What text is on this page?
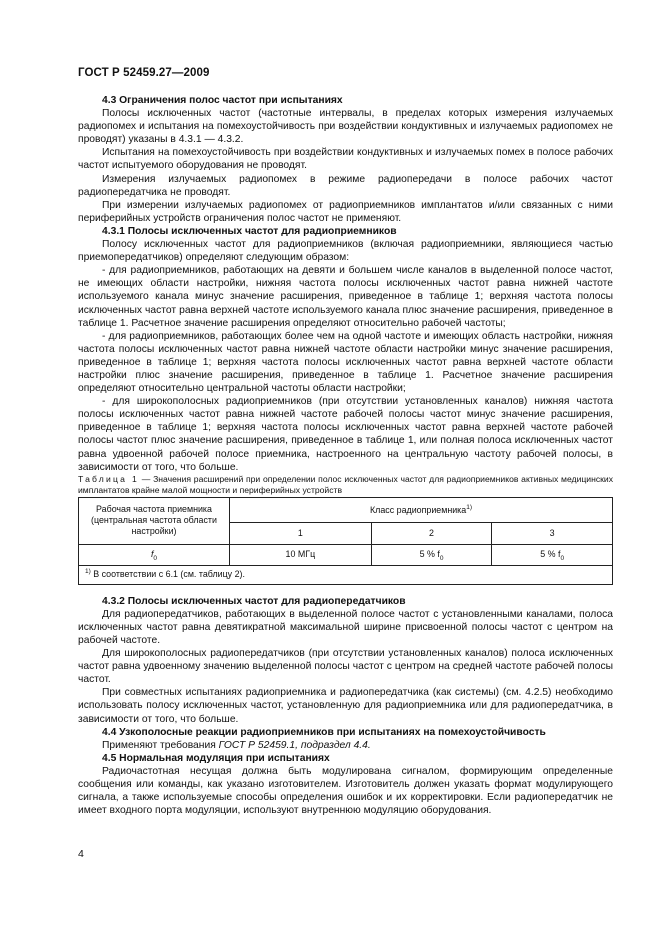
ГОСТ Р 52459.27—2009

4.3 Ограничения полос частот при испытаниях

Полосы исключенных частот (частотные интервалы, в пределах которых измерения излучаемых радиопомех и испытания на помехоустойчивость при воздействии кондуктивных и излучаемых радиопомех не проводят) указаны в 4.3.1 — 4.3.2.

Испытания на помехоустойчивость при воздействии кондуктивных и излучаемых помех в полосе рабочих частот испытуемого оборудования не проводят.

Измерения излучаемых радиопомех в режиме радиопередачи в полосе рабочих частот радиопередатчика не проводят.

При измерении излучаемых радиопомех от радиоприемников имплантатов и/или связанных с ними периферийных устройств ограничения полос частот не применяют.

4.3.1 Полосы исключенных частот для радиоприемников

Полосу исключенных частот для радиоприемников (включая радиоприемники, являющиеся частью приемопередатчиков) определяют следующим образом:

- для радиоприемников, работающих на девяти и большем числе каналов в выделенной полосе частот, не имеющих области настройки, нижняя частота полосы исключенных частот равна нижней частоте используемого канала минус значение расширения, приведенное в таблице 1; верхняя частота полосы исключенных частот равна верхней частоте используемого канала плюс значение расширения, приведенное в таблице 1. Расчетное значение расширения определяют относительно рабочей частоты;

- для радиоприемников, работающих более чем на одной частоте и имеющих область настройки, нижняя частота полосы исключенных частот равна нижней частоте области настройки минус значение расширения, приведенное в таблице 1; верхняя частота полосы исключенных частот равна верхней частоте области настройки плюс значение расширения, приведенное в таблице 1. Расчетное значение расширения определяют относительно центральной частоты области настройки;

- для широкополосных радиоприемников (при отсутствии установленных каналов) нижняя частота полосы исключенных частот равна нижней частоте рабочей полосы частот минус значение расширения, приведенное в таблице 1; верхняя частота полосы исключенных частот равна верхней частоте рабочей полосы частот плюс значение расширения, приведенное в таблице 1, или полная полоса исключенных частот равна удвоенной рабочей полосе приемника, настроенного на центральную частоту рабочей полосы, в зависимости от того, что больше.

Таблица 1 — Значения расширений при определении полос исключенных частот для радиоприемников активных медицинских имплантатов крайне малой мощности и периферийных устройств

Рабочая частота приемника (центральная частота области настройки)	Класс радиоприемника$^{1)}$
	1	2	3
$f_0$	10 МГц	5 % $f_0$	5 % $f_0$
$^{1)}$ В соответствии с 6.1 (см. таблицу 2).			

4.3.2 Полосы исключенных частот для радиопередатчиков

Для радиопередатчиков, работающих в выделенной полосе частот с установленными каналами, полоса исключенных частот равна девятикратной максимальной ширине присвоенной полосы частот с центром на рабочей частоте.

Для широкополосных радиопередатчиков (при отсутствии установленных каналов) полоса исключенных частот равна удвоенному значению выделенной полосы частот с центром на средней частоте рабочей полосы частот.

При совместных испытаниях радиоприемника и радиопередатчика (как системы) (см. 4.2.5) необходимо использовать полосу исключенных частот, установленную для радиоприемника или для радиопередатчика, в зависимости от того, что больше.

4.4 Узкополосные реакции радиоприемников при испытаниях на помехоустойчивость

Применяют требования ГОСТ Р 52459.1, подраздел 4.4.

4.5 Нормальная модуляция при испытаниях

Радиочастотная несущая должна быть модулирована сигналом, формирующим определенные сообщения или команды, как указано изготовителем. Изготовитель должен указать формат модулирующего сигнала, а также используемые способы определения ошибок и их корректировки. Если радиопередатчик не имеет входного порта модуляции, используют внутреннюю модуляцию оборудования.

4
